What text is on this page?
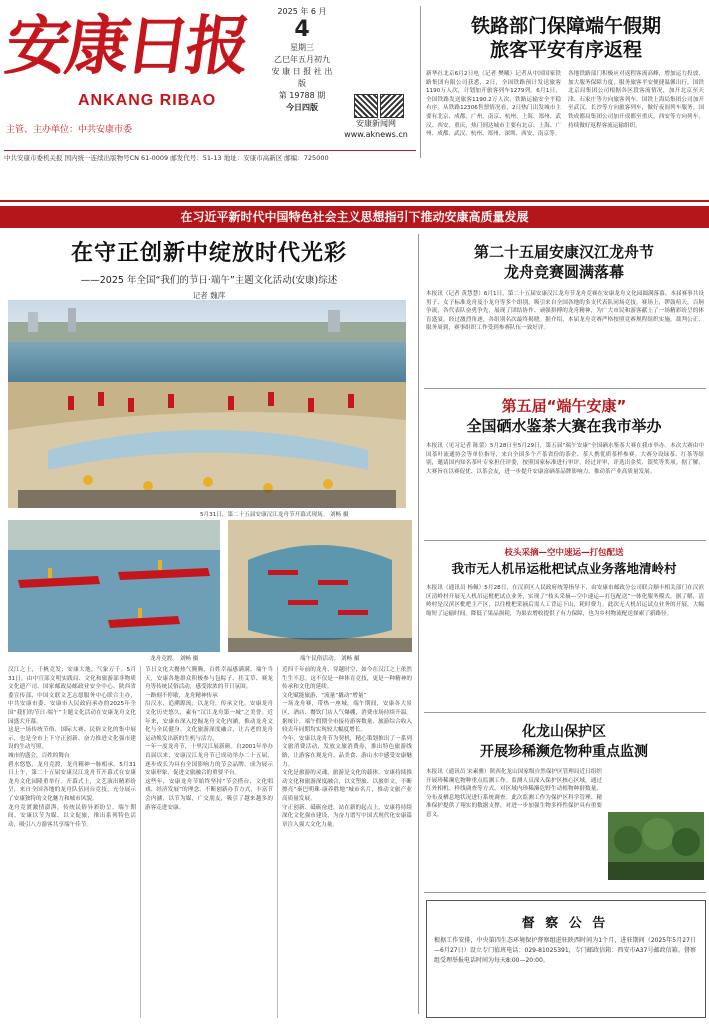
安康日报
ANKANG RIBAO
主管、主办单位：中共安康市委
2025 年 6 月
4
星期三
乙巳年五月初九
安 康 日 报 社 出 版
第 19788 期
今日四版
安康新闻网
www.aknews.cn
中共安康市委机关报 国内统一连续出版物号CN 61-0009 邮发代号：51-13 地址：安康市高新区 邮编：725000
铁路部门保障端午假期
旅客平安有序返程
新华社北京6月2日电（记者 樊曦）记者从中国国家铁路集团有限公司获悉，2日，全国铁路预计发送旅客1190万人次，计划加开旅客列车1279列。6月1日，全国铁路发送旅客1190.2万人次，铁路运输安全平稳有序。从铁路12306售票情况看，2日热门出发城市主要有北京、成都、广州、南京、杭州、上海、郑州、武汉、西安、重庆，热门到达城市主要有北京、上海、广州、成都、武汉、杭州、郑州、深圳、西安、南京等。
各地铁路部门积极应对返程客流高峰，增加运力投放，加大服务保障力度，服务旅客平安便捷温馨出行。国铁北京局集团公司根据各区段客流情况，加开北京至天津、石家庄等方向旅客列车。国铁上海局集团公司加开至武汉、长沙等方向旅客列车，做好夜间列车服务。国铁成都局集团公司加开成都至重庆、西安等方向列车，持续做好返程客流运输组织。
在习近平新时代中国特色社会主义思想指引下推动安康高质量发展
在守正创新中绽放时代光彩
——2025 年全国“我们的节日·端午”主题文化活动(安康)综述
记者 魏萍
5月31日，第二十五届安康汉江龙舟节开幕式现场。 刘畅 摄
龙舟竞渡。 刘畅 摄	端午民俗活动。 刘畅 摄
汉江之上，千帆竞发；安康大地，气象万千。5月31日，由中宣部文明实践局、文化和旅游部非物质文化遗产司、国家邮政局邮政业安全中心、陕西省委宣传部、中国文联文艺志愿服务中心联合主办，中共安康市委、安康市人民政府承办的2025年全国“我们的节日·端午”主题文化活动在安康龙舟文化园盛大开幕。
这是一场传统节俗、国际大赛、民俗文化的集中展示，也是全市上下守正创新、奋力推进文化强市建设的生动写照。
城市的盛会，百姓的舞台
碧水悠悠，龙舟竞渡，龙舟精神一脉相承。5月31日上午，第二十五届安康汉江龙舟节开幕式在安康龙舟文化园隆重举行。开幕式上，文艺演出精彩纷呈，来自全国各地的龙舟队伍同台竞技，充分展示了安康独特的文化魅力和城市风貌。
龙舟竞渡激情澎湃，传统民俗异彩纷呈。端午期间，安康以节为媒、以文促旅，推出系列特色活动，吸引八方游客共享端午佳节。
节日文化大餐热气腾腾，百姓幸福感满满。端午当天，安康各地群众积极参与包粽子、挂艾草、赛龙舟等传统民俗活动，感受浓浓的节日氛围。
一路刻不停歇，龙舟精神传承
沿汉水，追溯源流；以龙舟，传承文化。安康龙舟文化历史悠久，素有“汉江龙舟第一城”之美誉。近年来，安康市深入挖掘龙舟文化内涵，推动龙舟文化与全民健身、文化旅游深度融合，让古老的龙舟运动焕发出新的生机与活力。
一年一度龙舟节，十里汉江展新颜。自2001年举办首届以来，安康汉江龙舟节已成功举办二十五届，逐步成长为具有全国影响力的节会品牌，成为展示安康形象、促进文旅融合的重要平台。
这些年，安康龙舟节始终坚持“节会搭台、文化唱戏、经济发展”的理念，不断创新办节方式，丰富节会内涵，以节为媒，广交朋友，吸引了越来越多的游客走进安康。
近四千年前的龙舟，穿越时空，如今在汉江之上依然生生不息。这不仅是一种体育竞技，更是一种精神的传承和文化的延续。
文化赋能旅游，“流量”撬动“增量”
一场龙舟赛，带热一座城。端午期间，安康各大景区、酒店、餐饮门店人气爆棚，消费市场持续升温。据统计，端午假期全市接待游客数量、旅游综合收入较去年同期均实现较大幅度增长。
今年，安康以龙舟节为契机，精心策划推出了一系列文旅消费活动，发放文旅消费券，推出特色旅游线路，让游客在观龙舟、品美食、游山水中感受安康魅力。
文化是旅游的灵魂，旅游是文化的载体。安康持续推动文化和旅游深度融合，以文塑旅、以旅彰文，不断擦亮“秦巴明珠·康养胜地”城市名片，推动文旅产业高质量发展。
守正创新、砥砺奋进。站在新的起点上，安康将持续深化文化强市建设，为奋力谱写中国式现代化安康篇章注入强大文化力量。
第二十五届安康汉江龙舟节
龙舟竞赛圆满落幕
本报讯（记者 黄慧慧）6月1日，第二十五届安康汉江龙舟节龙舟竞赛在安康龙舟文化园圆满落幕。本届赛事共设男子、女子标准龙舟及小龙舟等多个组别，吸引来自全国各地的多支代表队同场竞技。赛场上，锣鼓喧天，百舸争流，各代表队奋勇争先，展现了团结协作、顽强拼搏的龙舟精神，为广大市民和游客献上了一场精彩纷呈的体育盛宴。经过激烈角逐，各组别名次最终揭晓。据介绍，本届龙舟竞赛严格按照竞赛规程组织实施，裁判公正、服务周到，赛事组织工作受到参赛队伍一致好评。
第五届“端午安康”
全国硒水鉴茶大赛在我市举办
本报讯（见习记者 陈蕾）5月28日至5月29日，第五届“端午安康”全国硒水鉴茶大赛在我市举办。本次大赛由中国茶叶流通协会等单位指导，来自全国多个产茶省份的茶企、茶人携优质茶样参赛。大赛分设绿茶、红茶等组别，邀请国内知名茶叶专家担任评委，按照国家标准进行审评。经过评审，评选出金奖、银奖等奖项。据了解，大赛旨在以赛促优、以茶会友，进一步提升安康富硒茶品牌影响力，推动茶产业高质量发展。
枝头采摘—空中速运—打包配送
我市无人机吊运枇杷试点业务落地清岭村
本报讯（通讯员 杨佩）5月28日，在汉滨区人民政府统筹指导下，由安康市邮政分公司联合顺丰相关部门在汉滨区清岭村开展无人机吊运枇杷试点业务，实现了“枝头采摘—空中速运—打包配送”一体化服务模式。据了解，清岭村是汉滨区枇杷主产区，以往枇杷采摘后需人工背运下山，耗时费力。此次无人机吊运试点业务的开展，大幅缩短了运输时间，降低了果品损耗，为果农增收提供了有力保障，也为乡村物流配送探索了新路径。
化龙山保护区
开展珍稀濒危物种重点监测
本报讯（通讯员 宋素雅）陕西化龙山国家级自然保护区管理局近日组织开展珍稀濒危物种重点监测工作。监测人员深入保护区核心区域，通过红外相机、样线调查等方式，对区域内珍稀濒危野生动植物种群数量、分布及栖息地状况进行系统调查。此次监测工作为保护区科学管理、精准保护提供了翔实的数据支撑，对进一步加强生物多样性保护具有重要意义。
督 察 公 告
根据工作安排，中央第四生态环境保护督察组进驻陕西时间为1个月，进驻期间（2025年5月27日—6月27日）设立专门值班电话：029-81025391，专门邮政信箱：西安市A37号邮政信箱。督察组受理举报电话时间为每天8:00—20:00。
